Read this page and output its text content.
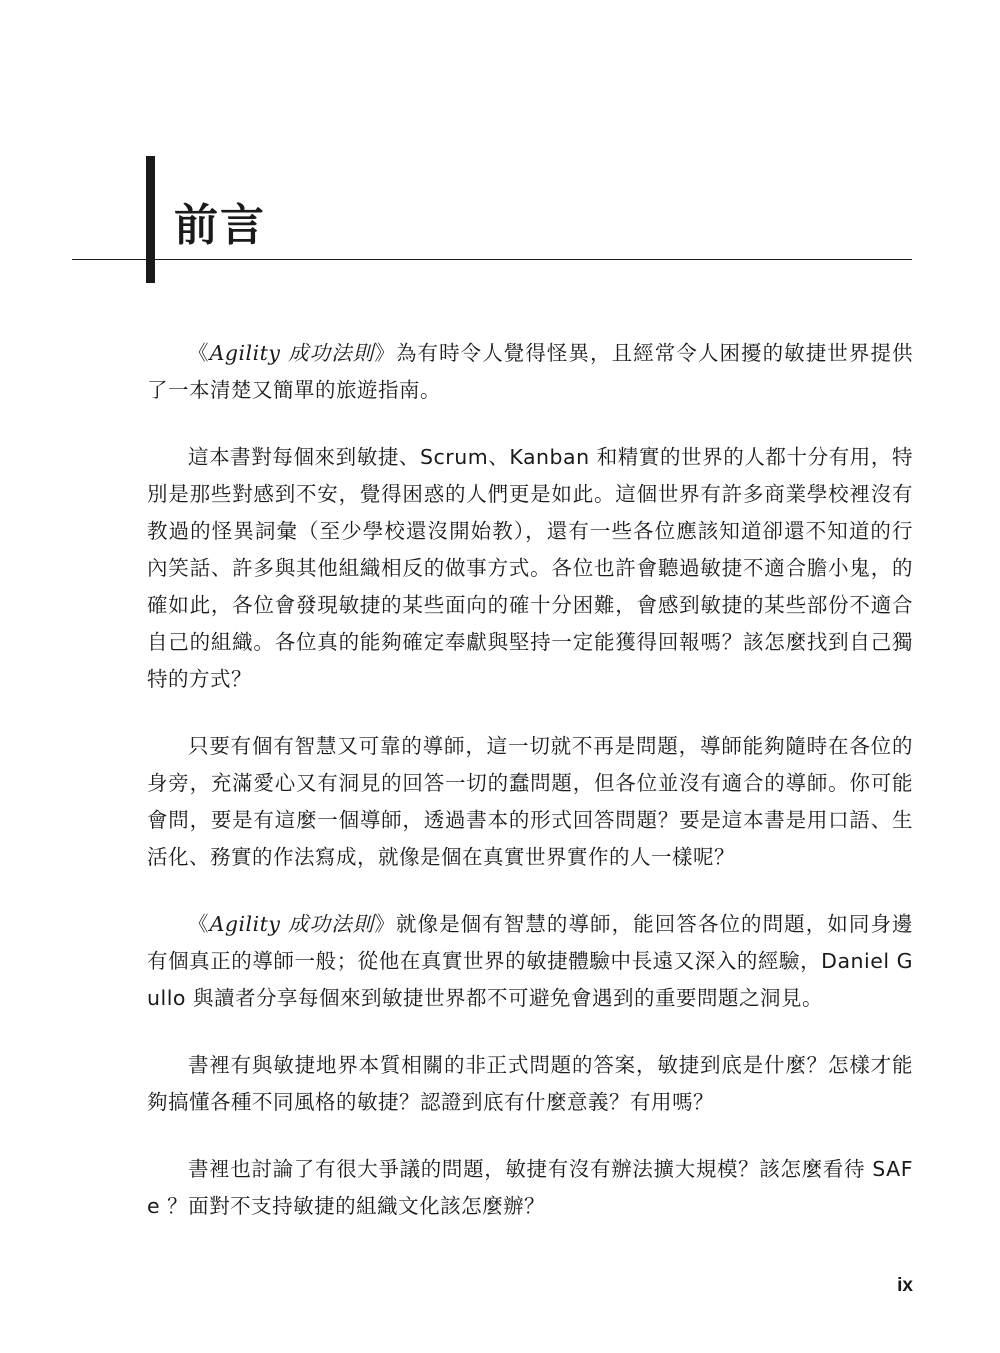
前言

《Agility 成功法則》為有時令人覺得怪異，且經常令人困擾的敏捷世界提供了一本清楚又簡單的旅遊指南。

這本書對每個來到敏捷、Scrum、Kanban 和精實的世界的人都十分有用，特別是那些對感到不安，覺得困惑的人們更是如此。這個世界有許多商業學校裡沒有教過的怪異詞彙（至少學校還沒開始教），還有一些各位應該知道卻還不知道的行內笑話、許多與其他組織相反的做事方式。各位也許會聽過敏捷不適合膽小鬼，的確如此，各位會發現敏捷的某些面向的確十分困難，會感到敏捷的某些部份不適合自己的組織。各位真的能夠確定奉獻與堅持一定能獲得回報嗎？該怎麼找到自己獨特的方式？

只要有個有智慧又可靠的導師，這一切就不再是問題，導師能夠隨時在各位的身旁，充滿愛心又有洞見的回答一切的蠢問題，但各位並沒有適合的導師。你可能會問，要是有這麼一個導師，透過書本的形式回答問題？要是這本書是用口語、生活化、務實的作法寫成，就像是個在真實世界實作的人一樣呢？

《Agility 成功法則》就像是個有智慧的導師，能回答各位的問題，如同身邊有個真正的導師一般；從他在真實世界的敏捷體驗中長遠又深入的經驗，Daniel Gullo 與讀者分享每個來到敏捷世界都不可避免會遇到的重要問題之洞見。

書裡有與敏捷地界本質相關的非正式問題的答案，敏捷到底是什麼？怎樣才能夠搞懂各種不同風格的敏捷？認證到底有什麼意義？有用嗎？

書裡也討論了有很大爭議的問題，敏捷有沒有辦法擴大規模？該怎麼看待 SAFe ？面對不支持敏捷的組織文化該怎麼辦？

ix
